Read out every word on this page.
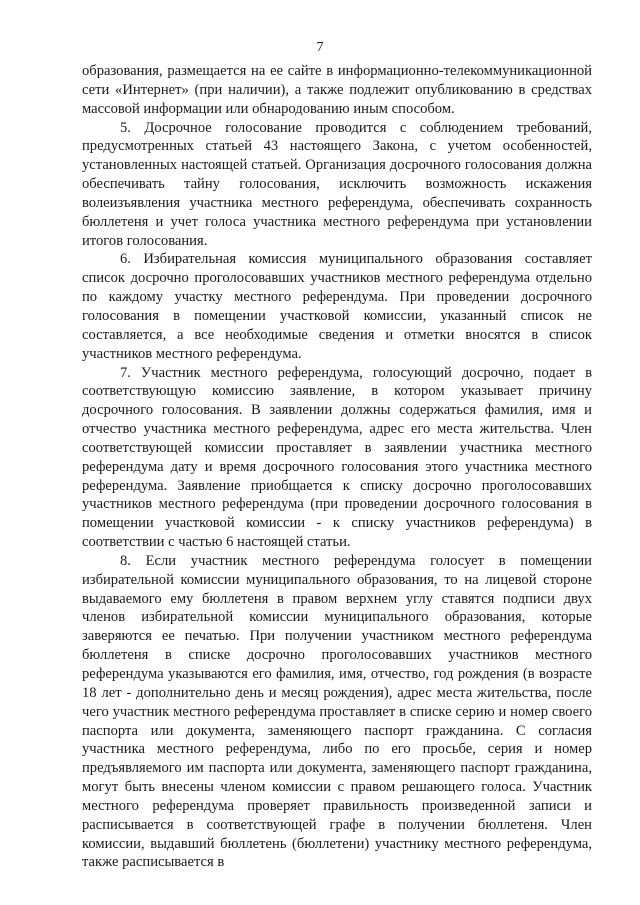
7

образования, размещается на ее сайте в информационно-телекоммуникационной сети «Интернет» (при наличии), а также подлежит опубликованию в средствах массовой информации или обнародованию иным способом.

5. Досрочное голосование проводится с соблюдением требований, предусмотренных статьей 43 настоящего Закона, с учетом особенностей, установленных настоящей статьей. Организация досрочного голосования должна обеспечивать тайну голосования, исключить возможность искажения волеизъявления участника местного референдума, обеспечивать сохранность бюллетеня и учет голоса участника местного референдума при установлении итогов голосования.

6. Избирательная комиссия муниципального образования составляет список досрочно проголосовавших участников местного референдума отдельно по каждому участку местного референдума. При проведении досрочного голосования в помещении участковой комиссии, указанный список не составляется, а все необходимые сведения и отметки вносятся в список участников местного референдума.

7. Участник местного референдума, голосующий досрочно, подает в соответствующую комиссию заявление, в котором указывает причину досрочного голосования. В заявлении должны содержаться фамилия, имя и отчество участника местного референдума, адрес его места жительства. Член соответствующей комиссии проставляет в заявлении участника местного референдума дату и время досрочного голосования этого участника местного референдума. Заявление приобщается к списку досрочно проголосовавших участников местного референдума (при проведении досрочного голосования в помещении участковой комиссии - к списку участников референдума) в соответствии с частью 6 настоящей статьи.

8. Если участник местного референдума голосует в помещении избирательной комиссии муниципального образования, то на лицевой стороне выдаваемого ему бюллетеня в правом верхнем углу ставятся подписи двух членов избирательной комиссии муниципального образования, которые заверяются ее печатью. При получении участником местного референдума бюллетеня в списке досрочно проголосовавших участников местного референдума указываются его фамилия, имя, отчество, год рождения (в возрасте 18 лет - дополнительно день и месяц рождения), адрес места жительства, после чего участник местного референдума проставляет в списке серию и номер своего паспорта или документа, заменяющего паспорт гражданина. С согласия участника местного референдума, либо по его просьбе, серия и номер предъявляемого им паспорта или документа, заменяющего паспорт гражданина, могут быть внесены членом комиссии с правом решающего голоса. Участник местного референдума проверяет правильность произведенной записи и расписывается в соответствующей графе в получении бюллетеня. Член комиссии, выдавший бюллетень (бюллетени) участнику местного референдума, также расписывается в
